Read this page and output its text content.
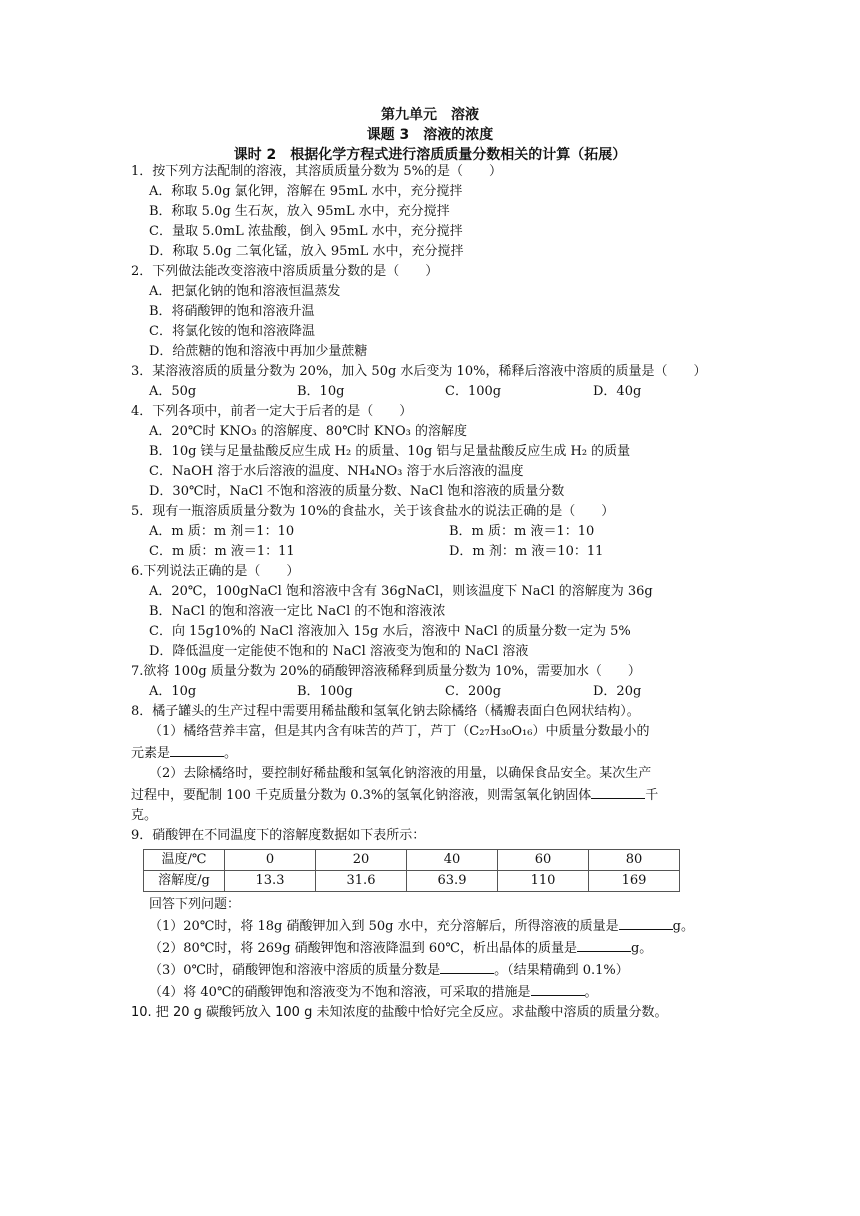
第九单元　溶液
课题 3　溶液的浓度
课时 2　根据化学方程式进行溶质质量分数相关的计算（拓展）
1．按下列方法配制的溶液，其溶质质量分数为 5%的是（　　）
A．称取 5.0g 氯化钾，溶解在 95mL 水中，充分搅拌
B．称取 5.0g 生石灰，放入 95mL 水中，充分搅拌
C．量取 5.0mL 浓盐酸，倒入 95mL 水中，充分搅拌
D．称取 5.0g 二氧化锰，放入 95mL 水中，充分搅拌
2．下列做法能改变溶液中溶质质量分数的是（　　）
A．把氯化钠的饱和溶液恒温蒸发
B．将硝酸钾的饱和溶液升温
C．将氯化铵的饱和溶液降温
D．给蔗糖的饱和溶液中再加少量蔗糖
3．某溶液溶质的质量分数为 20%，加入 50g 水后变为 10%，稀释后溶液中溶质的质量是（　　）
A．50g	B．10g	C．100g	D．40g
4．下列各项中，前者一定大于后者的是（　　）
A．20℃时 KNO₃ 的溶解度、80℃时 KNO₃ 的溶解度
B．10g 镁与足量盐酸反应生成 H₂ 的质量、10g 铝与足量盐酸反应生成 H₂ 的质量
C．NaOH 溶于水后溶液的温度、NH₄NO₃ 溶于水后溶液的温度
D．30℃时，NaCl 不饱和溶液的质量分数、NaCl 饱和溶液的质量分数
5．现有一瓶溶质质量分数为 10%的食盐水，关于该食盐水的说法正确的是（　　）
A．m 质：m 剂＝1：10	B．m 质：m 液＝1：10
C．m 质：m 液＝1：11	D．m 剂：m 液＝10：11
6.下列说法正确的是（　　）
A．20℃，100gNaCl 饱和溶液中含有 36gNaCl，则该温度下 NaCl 的溶解度为 36g
B．NaCl 的饱和溶液一定比 NaCl 的不饱和溶液浓
C．向 15g10%的 NaCl 溶液加入 15g 水后，溶液中 NaCl 的质量分数一定为 5%
D．降低温度一定能使不饱和的 NaCl 溶液变为饱和的 NaCl 溶液
7.欲将 100g 质量分数为 20%的硝酸钾溶液稀释到质量分数为 10%，需要加水（　　）
A．10g	B．100g	C．200g	D．20g
8．橘子罐头的生产过程中需要用稀盐酸和氢氧化钠去除橘络（橘瓣表面白色网状结构）。
（1）橘络营养丰富，但是其内含有味苦的芦丁，芦丁（C₂₇H₃₀O₁₆）中质量分数最小的
元素是	。
（2）去除橘络时，要控制好稀盐酸和氢氧化钠溶液的用量，以确保食品安全。某次生产
过程中，要配制 100 千克质量分数为 0.3%的氢氧化钠溶液，则需氢氧化钠固体	千
克。
9．硝酸钾在不同温度下的溶解度数据如下表所示：
温度/℃	0	20	40	60	80
溶解度/g	13.3	31.6	63.9	110	169
回答下列问题：
（1）20℃时，将 18g 硝酸钾加入到 50g 水中，充分溶解后，所得溶液的质量是	g。
（2）80℃时，将 269g 硝酸钾饱和溶液降温到 60℃，析出晶体的质量是	g。
（3）0℃时，硝酸钾饱和溶液中溶质的质量分数是	。（结果精确到 0.1%）
（4）将 40℃的硝酸钾饱和溶液变为不饱和溶液，可采取的措施是	。
10. 把 20 g 碳酸钙放入 100 g 未知浓度的盐酸中恰好完全反应。求盐酸中溶质的质量分数。
